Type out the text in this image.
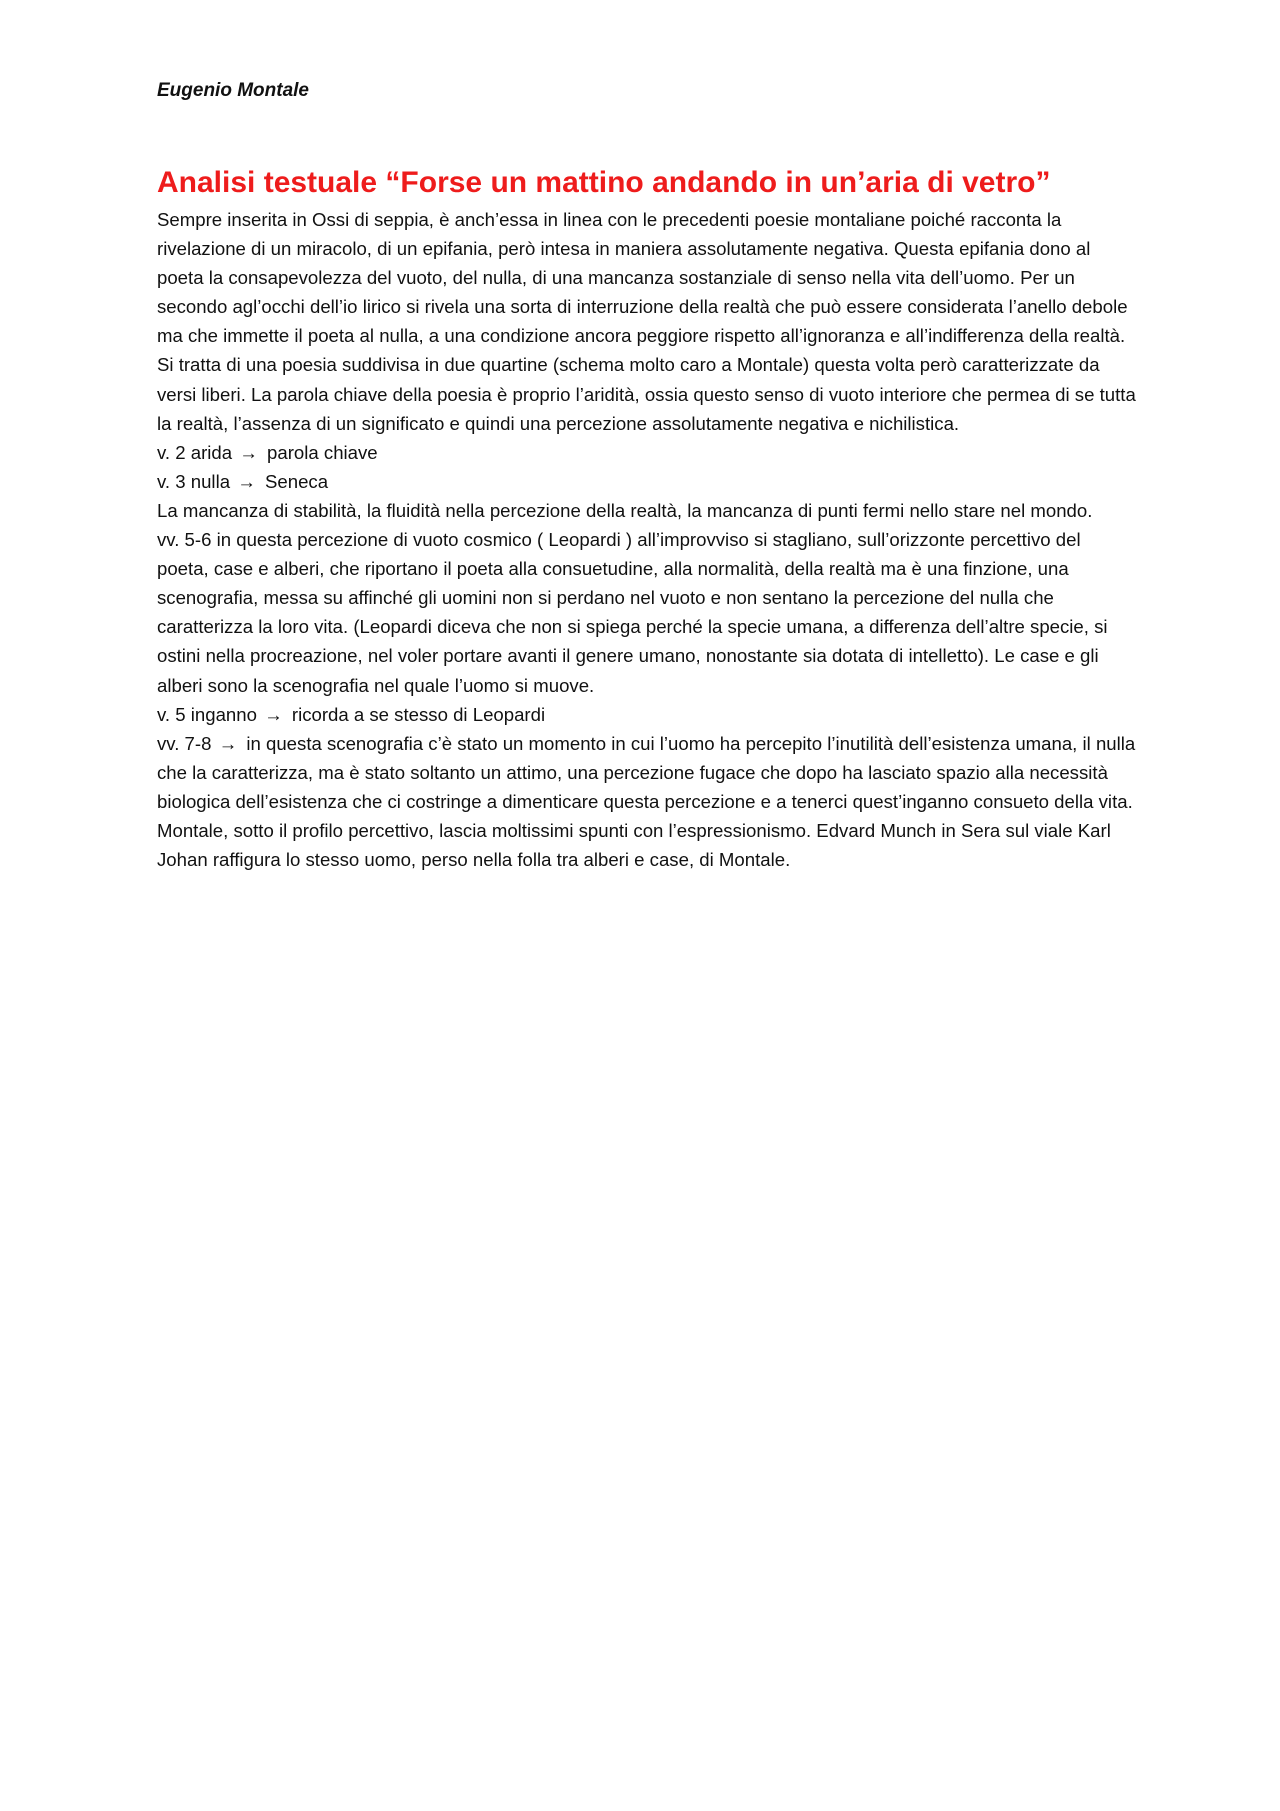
Eugenio Montale

Analisi testuale “Forse un mattino andando in un’aria di vetro”

Sempre inserita in Ossi di seppia, è anch’essa in linea con le precedenti poesie montaliane poiché racconta la rivelazione di un miracolo, di un epifania, però intesa in maniera assolutamente negativa. Questa epifania dono al poeta la consapevolezza del vuoto, del nulla, di una mancanza sostanziale di senso nella vita dell’uomo. Per un secondo agl’occhi dell’io lirico si rivela una sorta di interruzione della realtà che può essere considerata l’anello debole ma che immette il poeta al nulla, a una condizione ancora peggiore rispetto all’ignoranza e all’indifferenza della realtà. Si tratta di una poesia suddivisa in due quartine (schema molto caro a Montale) questa volta però caratterizzate da versi liberi. La parola chiave della poesia è proprio l’aridità, ossia questo senso di vuoto interiore che permea di se tutta la realtà, l’assenza di un significato e quindi una percezione assolutamente negativa e nichilistica.

v. 2 arida → parola chiave

v. 3 nulla → Seneca

La mancanza di stabilità, la fluidità nella percezione della realtà, la mancanza di punti fermi nello stare nel mondo.

vv. 5-6 in questa percezione di vuoto cosmico ( Leopardi ) all’improvviso si stagliano, sull’orizzonte percettivo del poeta, case e alberi, che riportano il poeta alla consuetudine, alla normalità, della realtà ma è una finzione, una scenografia, messa su affinché gli uomini non si perdano nel vuoto e non sentano la percezione del nulla che caratterizza la loro vita. (Leopardi diceva che non si spiega perché la specie umana, a differenza dell’altre specie, si ostini nella procreazione, nel voler portare avanti il genere umano, nonostante sia dotata di intelletto). Le case e gli alberi sono la scenografia nel quale l’uomo si muove.

v. 5 inganno → ricorda a se stesso di Leopardi

vv. 7-8 → in questa scenografia c’è stato un momento in cui l’uomo ha percepito l’inutilità dell’esistenza umana, il nulla che la caratterizza, ma è stato soltanto un attimo, una percezione fugace che dopo ha lasciato spazio alla necessità biologica dell’esistenza che ci costringe a dimenticare questa percezione e a tenerci quest’inganno consueto della vita. Montale, sotto il profilo percettivo, lascia moltissimi spunti con l’espressionismo. Edvard Munch in Sera sul viale Karl Johan raffigura lo stesso uomo, perso nella folla tra alberi e case, di Montale.
